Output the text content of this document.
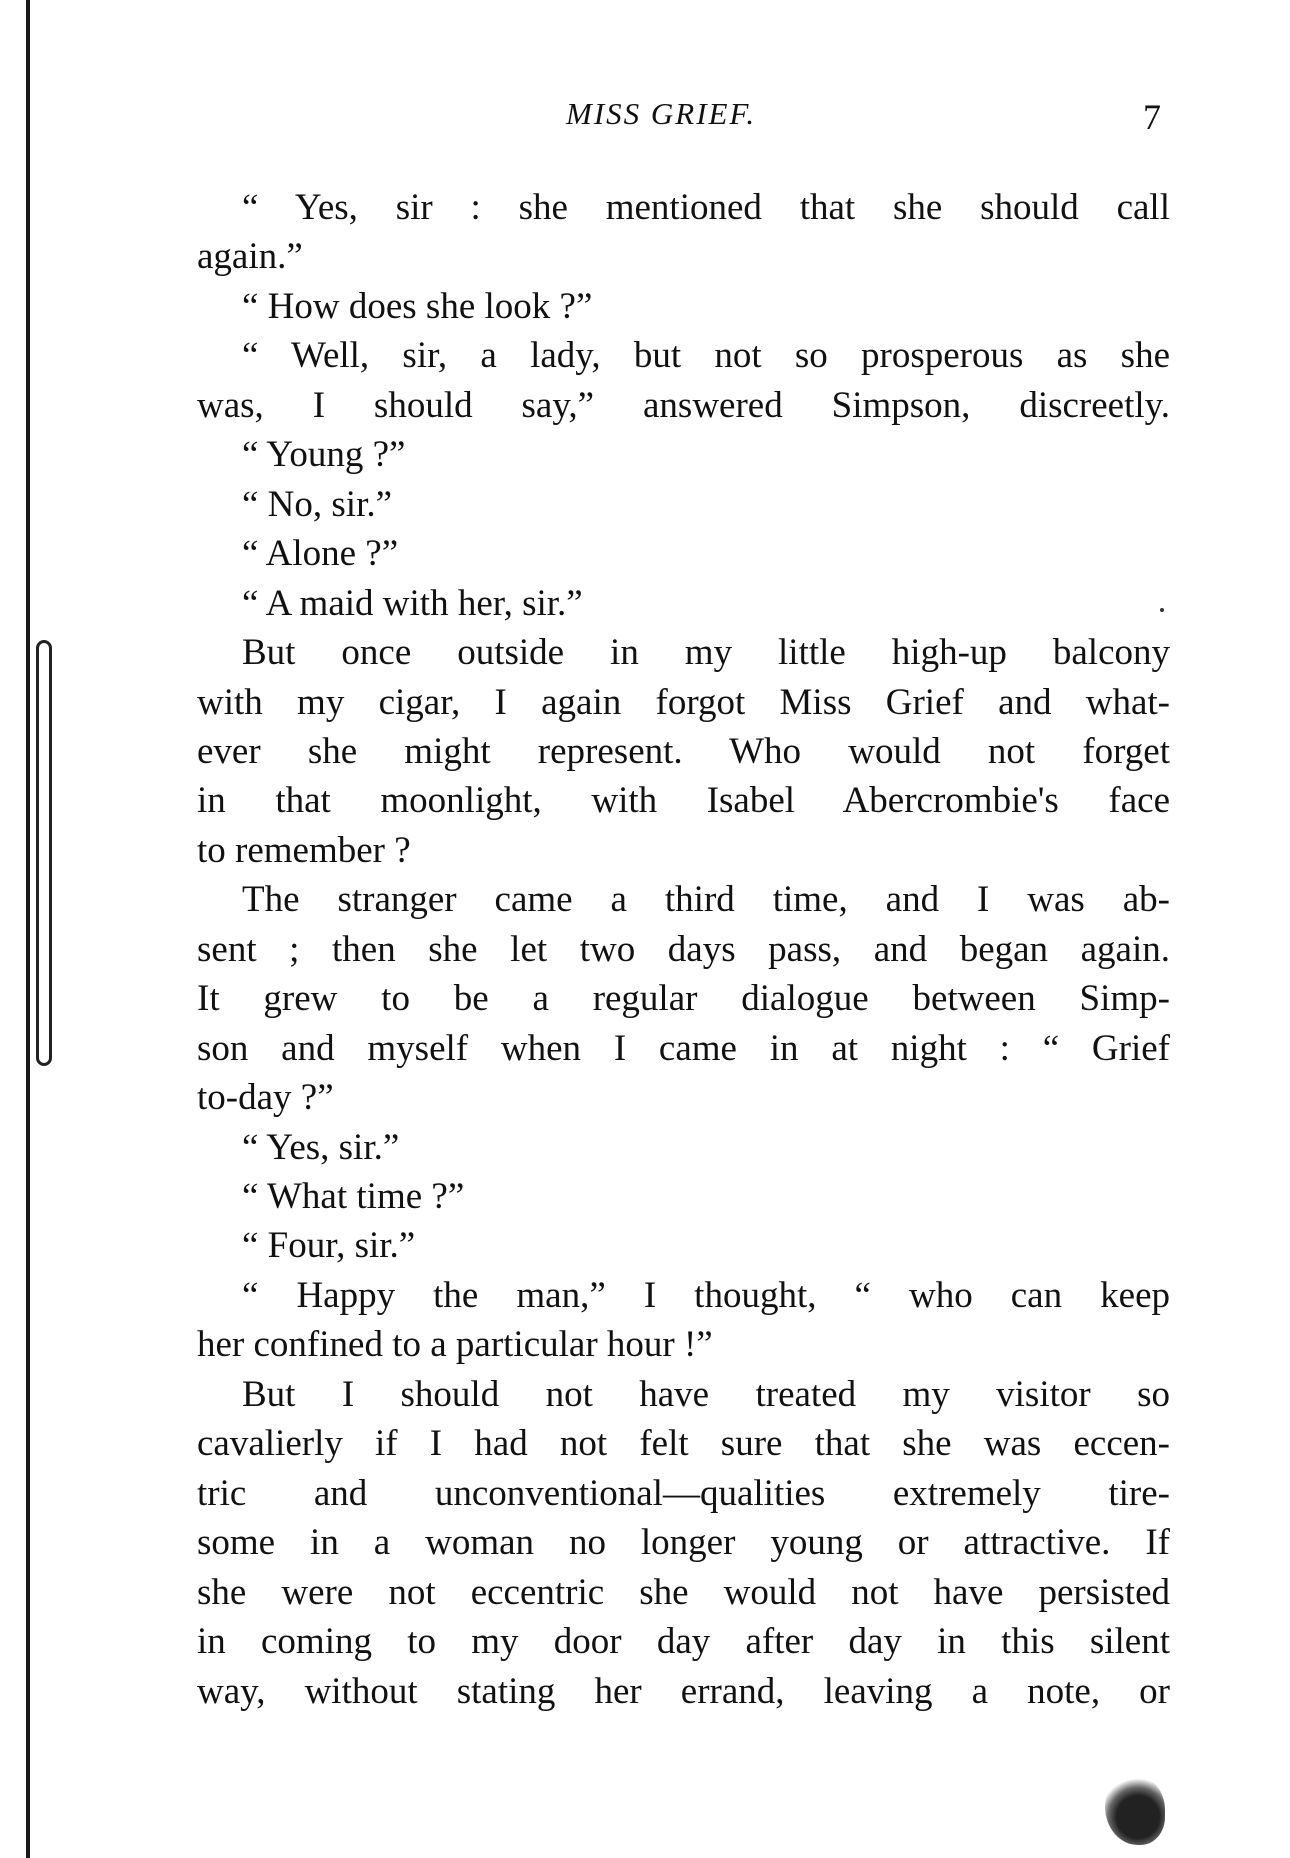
MISS GRIEF.	7
“ Yes, sir : she mentioned that she should call
again.”
“ How does she look ?”
“ Well, sir, a lady, but not so prosperous as she
was, I should say,” answered Simpson, discreetly.
“ Young ?”
“ No, sir.”
“ Alone ?”
“ A maid with her, sir.”
But once outside in my little high-up balcony
with my cigar, I again forgot Miss Grief and what-
ever she might represent. Who would not forget
in that moonlight, with Isabel Abercrombie's face
to remember ?
The stranger came a third time, and I was ab-
sent ; then she let two days pass, and began again.
It grew to be a regular dialogue between Simp-
son and myself when I came in at night : “ Grief
to-day ?”
“ Yes, sir.”
“ What time ?”
“ Four, sir.”
“ Happy the man,” I thought, “ who can keep
her confined to a particular hour !”
But I should not have treated my visitor so
cavalierly if I had not felt sure that she was eccen-
tric and unconventional—qualities extremely tire-
some in a woman no longer young or attractive. If
she were not eccentric she would not have persisted
in coming to my door day after day in this silent
way, without stating her errand, leaving a note, or
